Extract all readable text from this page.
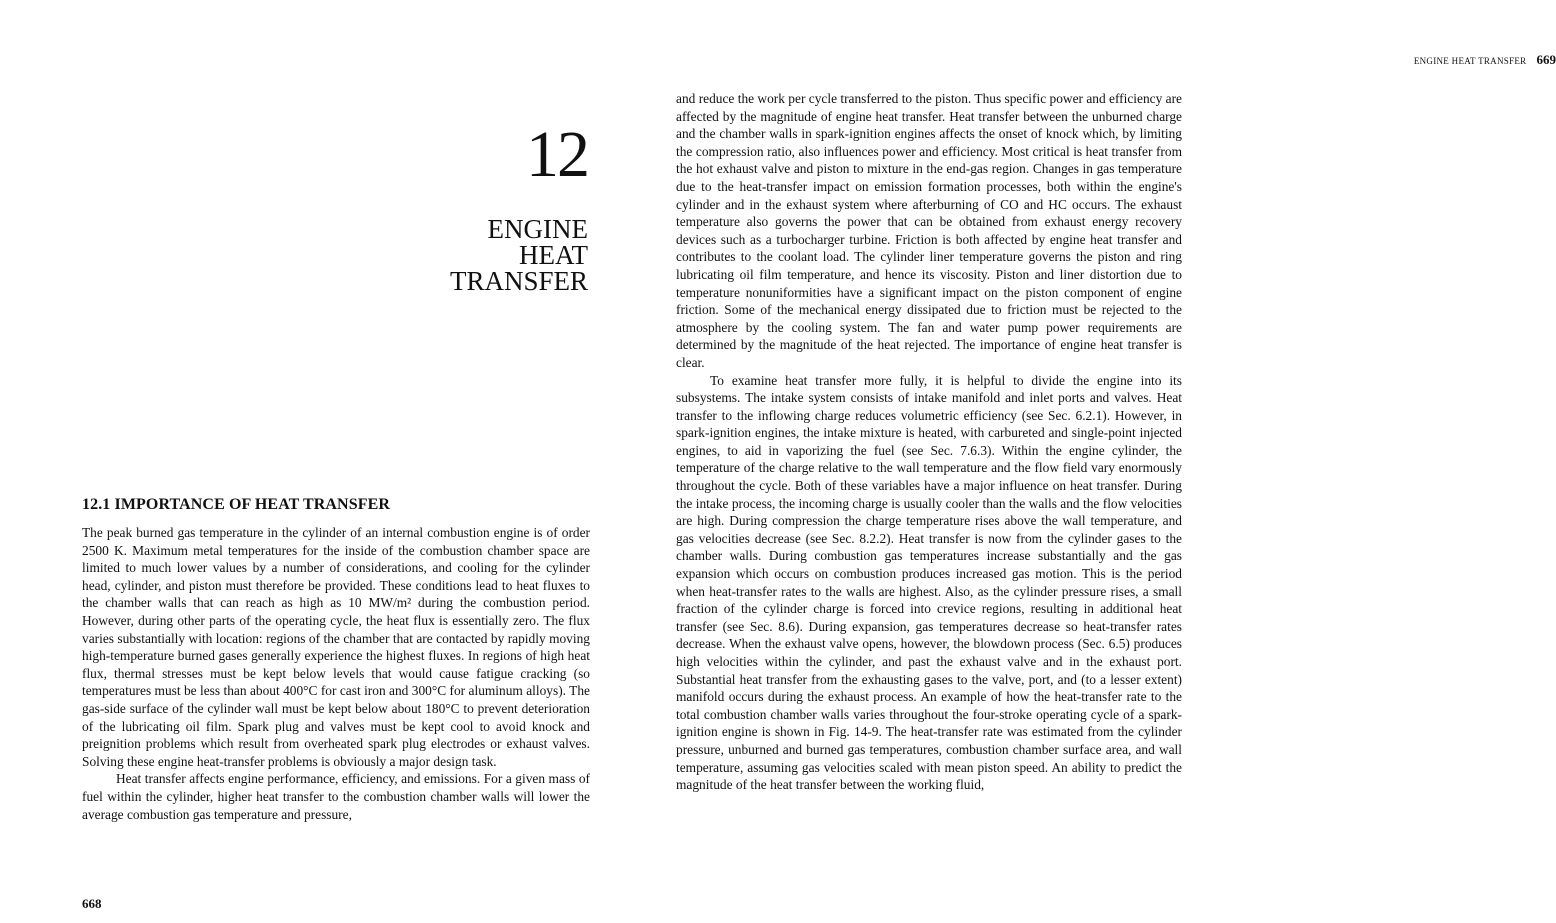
12
ENGINE
HEAT
TRANSFER
12.1 IMPORTANCE OF HEAT TRANSFER

The peak burned gas temperature in the cylinder of an internal combustion engine is of order 2500 K. Maximum metal temperatures for the inside of the combustion chamber space are limited to much lower values by a number of considerations, and cooling for the cylinder head, cylinder, and piston must therefore be provided. These conditions lead to heat fluxes to the chamber walls that can reach as high as 10 MW/m² during the combustion period. However, during other parts of the operating cycle, the heat flux is essentially zero. The flux varies substantially with location: regions of the chamber that are contacted by rapidly moving high-temperature burned gases generally experience the highest fluxes. In regions of high heat flux, thermal stresses must be kept below levels that would cause fatigue cracking (so temperatures must be less than about 400°C for cast iron and 300°C for aluminum alloys). The gas-side surface of the cylinder wall must be kept below about 180°C to prevent deterioration of the lubricating oil film. Spark plug and valves must be kept cool to avoid knock and preignition problems which result from overheated spark plug electrodes or exhaust valves. Solving these engine heat-transfer problems is obviously a major design task.

Heat transfer affects engine performance, efficiency, and emissions. For a given mass of fuel within the cylinder, higher heat transfer to the combustion chamber walls will lower the average combustion gas temperature and pressure,

668
ENGINE HEAT TRANSFER 669

and reduce the work per cycle transferred to the piston. Thus specific power and efficiency are affected by the magnitude of engine heat transfer. Heat transfer between the unburned charge and the chamber walls in spark-ignition engines affects the onset of knock which, by limiting the compression ratio, also influences power and efficiency. Most critical is heat transfer from the hot exhaust valve and piston to mixture in the end-gas region. Changes in gas temperature due to the heat-transfer impact on emission formation processes, both within the engine's cylinder and in the exhaust system where afterburning of CO and HC occurs. The exhaust temperature also governs the power that can be obtained from exhaust energy recovery devices such as a turbocharger turbine. Friction is both affected by engine heat transfer and contributes to the coolant load. The cylinder liner temperature governs the piston and ring lubricating oil film temperature, and hence its viscosity. Piston and liner distortion due to temperature nonuniformities have a significant impact on the piston component of engine friction. Some of the mechanical energy dissipated due to friction must be rejected to the atmosphere by the cooling system. The fan and water pump power requirements are determined by the magnitude of the heat rejected. The importance of engine heat transfer is clear.

To examine heat transfer more fully, it is helpful to divide the engine into its subsystems. The intake system consists of intake manifold and inlet ports and valves. Heat transfer to the inflowing charge reduces volumetric efficiency (see Sec. 6.2.1). However, in spark-ignition engines, the intake mixture is heated, with carbureted and single-point injected engines, to aid in vaporizing the fuel (see Sec. 7.6.3). Within the engine cylinder, the temperature of the charge relative to the wall temperature and the flow field vary enormously throughout the cycle. Both of these variables have a major influence on heat transfer. During the intake process, the incoming charge is usually cooler than the walls and the flow velocities are high. During compression the charge temperature rises above the wall temperature, and gas velocities decrease (see Sec. 8.2.2). Heat transfer is now from the cylinder gases to the chamber walls. During combustion gas temperatures increase substantially and the gas expansion which occurs on combustion produces increased gas motion. This is the period when heat-transfer rates to the walls are highest. Also, as the cylinder pressure rises, a small fraction of the cylinder charge is forced into crevice regions, resulting in additional heat transfer (see Sec. 8.6). During expansion, gas temperatures decrease so heat-transfer rates decrease. When the exhaust valve opens, however, the blowdown process (Sec. 6.5) produces high velocities within the cylinder, and past the exhaust valve and in the exhaust port. Substantial heat transfer from the exhausting gases to the valve, port, and (to a lesser extent) manifold occurs during the exhaust process. An example of how the heat-transfer rate to the total combustion chamber walls varies throughout the four-stroke operating cycle of a spark-ignition engine is shown in Fig. 14-9. The heat-transfer rate was estimated from the cylinder pressure, unburned and burned gas temperatures, combustion chamber surface area, and wall temperature, assuming gas velocities scaled with mean piston speed. An ability to predict the magnitude of the heat transfer between the working fluid,
